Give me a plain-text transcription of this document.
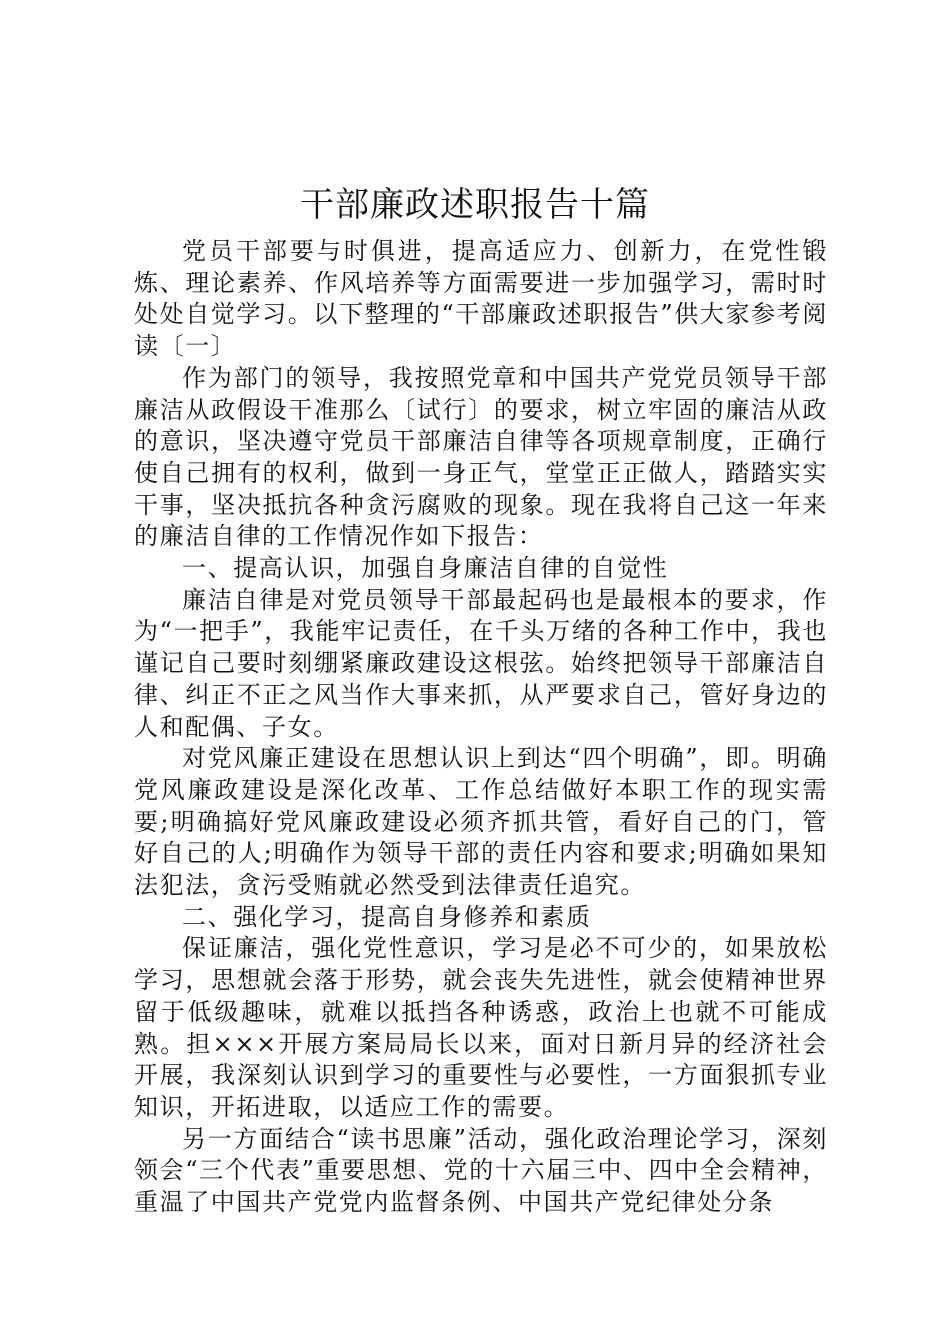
干部廉政述职报告十篇

党员干部要与时俱进，提高适应力、创新力，在党性锻炼、理论素养、作风培养等方面需要进一步加强学习，需时时处处自觉学习。以下整理的“干部廉政述职报告”供大家参考阅读〔一〕

作为部门的领导，我按照党章和中国共产党党员领导干部廉洁从政假设干准那么〔试行〕的要求，树立牢固的廉洁从政的意识，坚决遵守党员干部廉洁自律等各项规章制度，正确行使自己拥有的权利，做到一身正气，堂堂正正做人，踏踏实实干事，坚决抵抗各种贪污腐败的现象。现在我将自己这一年来的廉洁自律的工作情况作如下报告：

一、提高认识，加强自身廉洁自律的自觉性

廉洁自律是对党员领导干部最起码也是最根本的要求，作为“一把手”，我能牢记责任，在千头万绪的各种工作中，我也谨记自己要时刻绷紧廉政建设这根弦。始终把领导干部廉洁自律、纠正不正之风当作大事来抓，从严要求自己，管好身边的人和配偶、子女。

对党风廉正建设在思想认识上到达“四个明确”，即。明确党风廉政建设是深化改革、工作总结做好本职工作的现实需要;明确搞好党风廉政建设必须齐抓共管，看好自己的门，管好自己的人;明确作为领导干部的责任内容和要求;明确如果知法犯法，贪污受贿就必然受到法律责任追究。

二、强化学习，提高自身修养和素质

保证廉洁，强化党性意识，学习是必不可少的，如果放松学习，思想就会落于形势，就会丧失先进性，就会使精神世界留于低级趣味，就难以抵挡各种诱惑，政治上也就不可能成熟。担×××开展方案局局长以来，面对日新月异的经济社会开展，我深刻认识到学习的重要性与必要性，一方面狠抓专业知识，开拓进取，以适应工作的需要。

另一方面结合“读书思廉”活动，强化政治理论学习，深刻领会“三个代表”重要思想、党的十六届三中、四中全会精神，重温了中国共产党党内监督条例、中国共产党纪律处分条
